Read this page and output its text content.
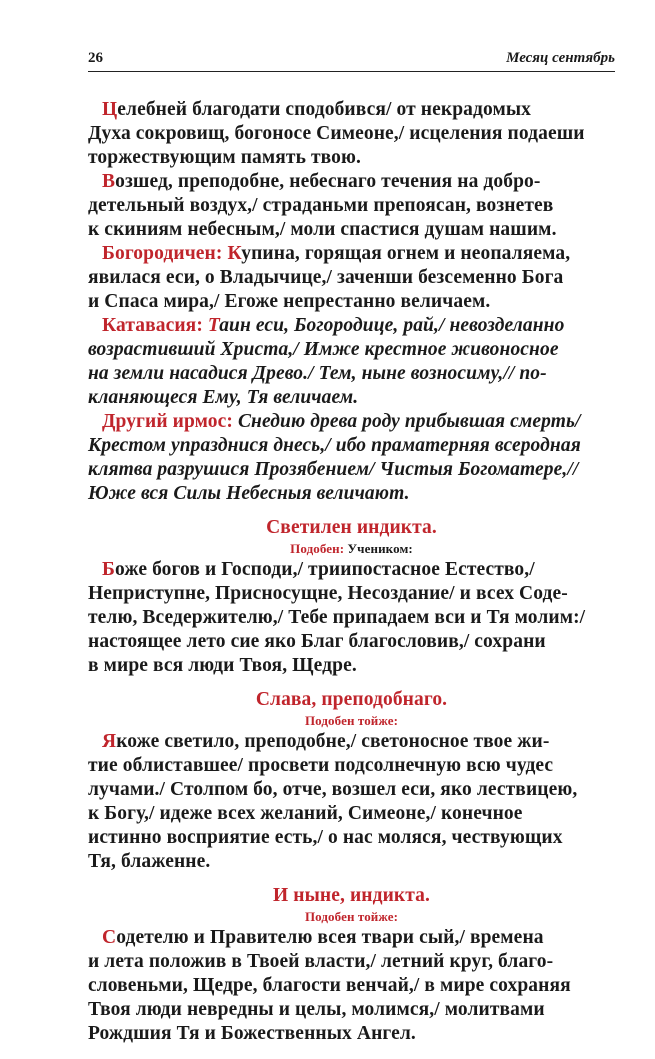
26	Месяц сентябрь
Целебней благодати сподобився/ от некрадомых
Духа сокровищ, богоносе Симеоне,/ исцеления подаеши
торжествующим память твою.
Возшед, преподобне, небеснаго течения на добро-
детельный воздух,/ страданьми препоясан, вознетев
к скиниям небесным,/ моли спастися душам нашим.
Богородичен: Купина, горящая огнем и неопаляема,
явилася еси, о Владычице,/ заченши безсеменно Бога
и Спаса мира,/ Егоже непрестанно величаем.
Катавасия: Таин еси, Богородице, рай,/ невозделанно
возрастивший Христа,/ Имже крестное живоносное
на земли насадися Древо./ Тем, ныне возносиму,// по-
кланяющеся Ему, Тя величаем.
Другий ирмос: Снедию древа роду прибывшая смерть/
Крестом упразднися днесь,/ ибо праматерняя всеродная
клятва разрушися Прозябением/ Чистыя Богоматере,//
Юже вся Силы Небесныя величают.
Светилен индикта.
Подобен: Учеником:
Боже богов и Господи,/ триипостасное Естество,/
Неприступне, Присносущне, Несоздание/ и всех Соде-
телю, Вседержителю,/ Тебе припадаем вси и Тя молим:/
настоящее лето сие яко Благ благословив,/ сохрани
в мире вся люди Твоя, Щедре.
Слава, преподобнаго.
Подобен тойже:
Якоже светило, преподобне,/ светоносное твое жи-
тие облиставшее/ просвети подсолнечную всю чудес
лучами./ Столпом бо, отче, возшел еси, яко лествицею,
к Богу,/ идеже всех желаний, Симеоне,/ конечное
истинно восприятие есть,/ о нас моляся, чествующих
Тя, блаженне.
И ныне, индикта.
Подобен тойже:
Содетелю и Правителю всея твари сый,/ времена
и лета положив в Твоей власти,/ летний круг, благо-
словеньми, Щедре, благости венчай,/ в мире сохраняя
Твоя люди невредны и целы, молимся,/ молитвами
Рождшия Тя и Божественных Ангел.
